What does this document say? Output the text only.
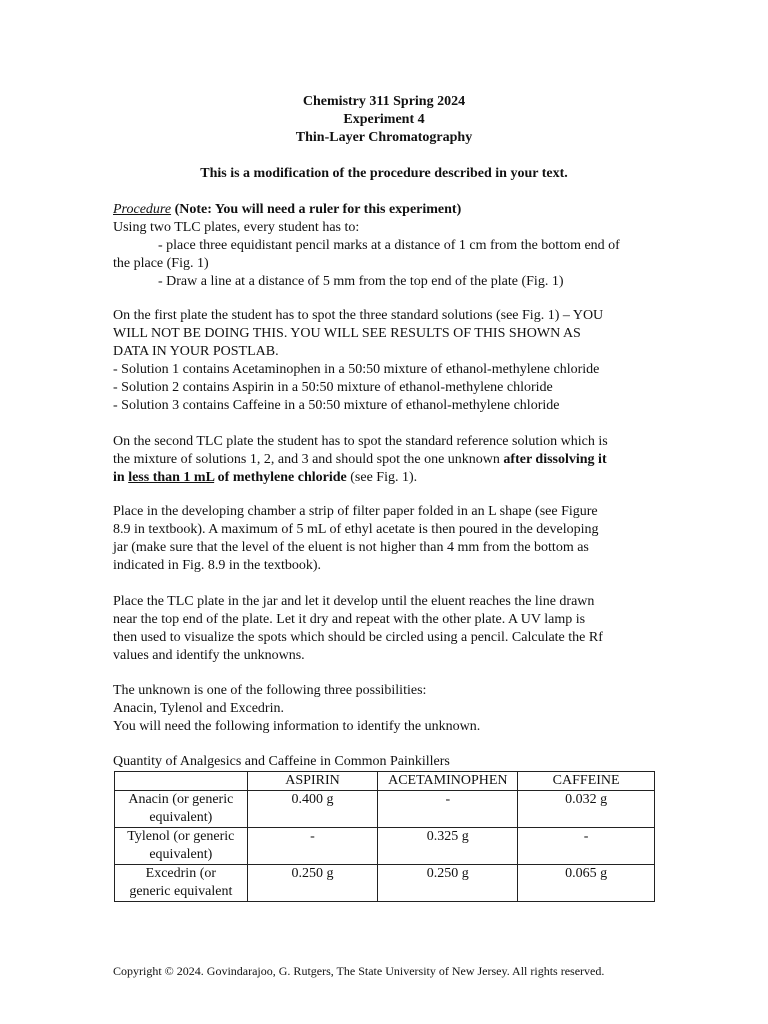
Chemistry 311 Spring 2024
Experiment 4
Thin-Layer Chromatography
This is a modification of the procedure described in your text.
Procedure (Note: You will need a ruler for this experiment)
Using two TLC plates, every student has to:
- place three equidistant pencil marks at a distance of 1 cm from the bottom end of
the place (Fig. 1)
- Draw a line at a distance of 5 mm from the top end of the plate (Fig. 1)
On the first plate the student has to spot the three standard solutions (see Fig. 1) – YOU
WILL NOT BE DOING THIS. YOU WILL SEE RESULTS OF THIS SHOWN AS
DATA IN YOUR POSTLAB.
- Solution 1 contains Acetaminophen in a 50:50 mixture of ethanol-methylene chloride
- Solution 2 contains Aspirin in a 50:50 mixture of ethanol-methylene chloride
- Solution 3 contains Caffeine in a 50:50 mixture of ethanol-methylene chloride
On the second TLC plate the student has to spot the standard reference solution which is
the mixture of solutions 1, 2, and 3 and should spot the one unknown after dissolving it
in less than 1 mL of methylene chloride (see Fig. 1).
Place in the developing chamber a strip of filter paper folded in an L shape (see Figure
8.9 in textbook). A maximum of 5 mL of ethyl acetate is then poured in the developing
jar (make sure that the level of the eluent is not higher than 4 mm from the bottom as
indicated in Fig. 8.9 in the textbook).
Place the TLC plate in the jar and let it develop until the eluent reaches the line drawn
near the top end of the plate. Let it dry and repeat with the other plate. A UV lamp is
then used to visualize the spots which should be circled using a pencil. Calculate the Rf
values and identify the unknowns.
The unknown is one of the following three possibilities:
Anacin, Tylenol and Excedrin.
You will need the following information to identify the unknown.
Quantity of Analgesics and Caffeine in Common Painkillers
	ASPIRIN	ACETAMINOPHEN	CAFFEINE

Anacin (or generic
equivalent)	0.400 g	-	0.032 g

Tylenol (or generic
equivalent)	-	0.325 g	-

Excedrin (or
generic equivalent	0.250 g	0.250 g	0.065 g
Copyright © 2024. Govindarajoo, G. Rutgers, The State University of New Jersey. All rights reserved.
